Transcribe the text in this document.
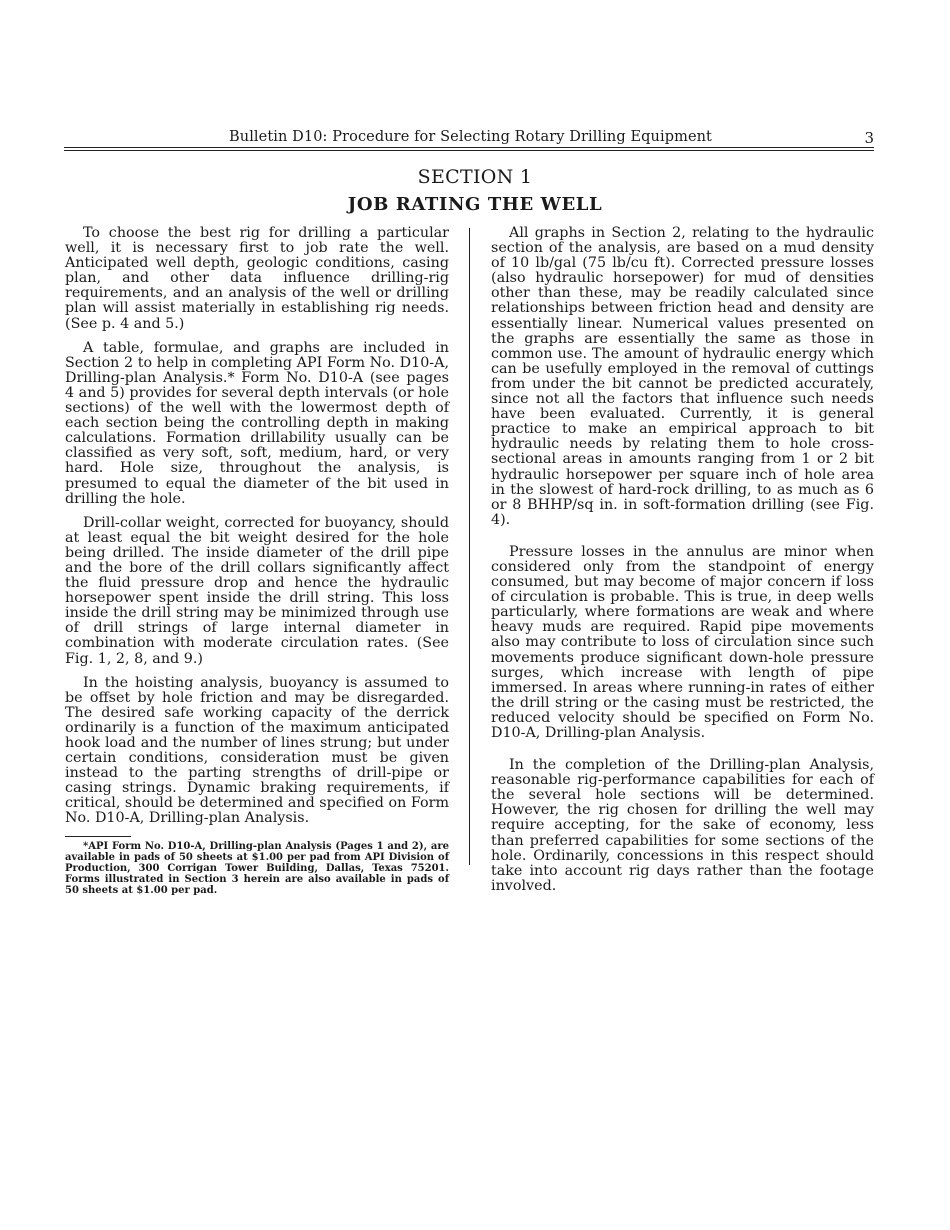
Bulletin D10: Procedure for Selecting Rotary Drilling Equipment	3
SECTION 1
JOB RATING THE WELL

To choose the best rig for drilling a particular well, it is necessary first to job rate the well. Anticipated well depth, geologic conditions, casing plan, and other data influence drilling-rig requirements, and an analysis of the well or drilling plan will assist materially in establishing rig needs. (See p. 4 and 5.)

A table, formulae, and graphs are included in Section 2 to help in completing API Form No. D10-A, Drilling-plan Analysis.* Form No. D10-A (see pages 4 and 5) provides for several depth intervals (or hole sections) of the well with the lowermost depth of each section being the controlling depth in making calculations. Formation drillability usually can be classified as very soft, soft, medium, hard, or very hard. Hole size, throughout the analysis, is presumed to equal the diameter of the bit used in drilling the hole.

Drill-collar weight, corrected for buoyancy, should at least equal the bit weight desired for the hole being drilled. The inside diameter of the drill pipe and the bore of the drill collars significantly affect the fluid pressure drop and hence the hydraulic horsepower spent inside the drill string. This loss inside the drill string may be minimized through use of drill strings of large internal diameter in combination with moderate circulation rates. (See Fig. 1, 2, 8, and 9.)

In the hoisting analysis, buoyancy is assumed to be offset by hole friction and may be disregarded. The desired safe working capacity of the derrick ordinarily is a function of the maximum anticipated hook load and the number of lines strung; but under certain conditions, consideration must be given instead to the parting strengths of drill-pipe or casing strings. Dynamic braking requirements, if critical, should be determined and specified on Form No. D10-A, Drilling-plan Analysis.

*API Form No. D10-A, Drilling-plan Analysis (Pages 1 and 2), are available in pads of 50 sheets at $1.00 per pad from API Division of Production, 300 Corrigan Tower Building, Dallas, Texas 75201. Forms illustrated in Section 3 herein are also available in pads of 50 sheets at $1.00 per pad.

All graphs in Section 2, relating to the hydraulic section of the analysis, are based on a mud density of 10 lb/gal (75 lb/cu ft). Corrected pressure losses (also hydraulic horsepower) for mud of densities other than these, may be readily calculated since relationships between friction head and density are essentially linear. Numerical values presented on the graphs are essentially the same as those in common use. The amount of hydraulic energy which can be usefully employed in the removal of cuttings from under the bit cannot be predicted accurately, since not all the factors that influence such needs have been evaluated. Currently, it is general practice to make an empirical approach to bit hydraulic needs by relating them to hole cross-sectional areas in amounts ranging from 1 or 2 bit hydraulic horsepower per square inch of hole area in the slowest of hard-rock drilling, to as much as 6 or 8 BHHP/sq in. in soft-formation drilling (see Fig. 4).

Pressure losses in the annulus are minor when considered only from the standpoint of energy consumed, but may become of major concern if loss of circulation is probable. This is true, in deep wells particularly, where formations are weak and where heavy muds are required. Rapid pipe movements also may contribute to loss of circulation since such movements produce significant down-hole pressure surges, which increase with length of pipe immersed. In areas where running-in rates of either the drill string or the casing must be restricted, the reduced velocity should be specified on Form No. D10-A, Drilling-plan Analysis.

In the completion of the Drilling-plan Analysis, reasonable rig-performance capabilities for each of the several hole sections will be determined. However, the rig chosen for drilling the well may require accepting, for the sake of economy, less than preferred capabilities for some sections of the hole. Ordinarily, concessions in this respect should take into account rig days rather than the footage involved.
